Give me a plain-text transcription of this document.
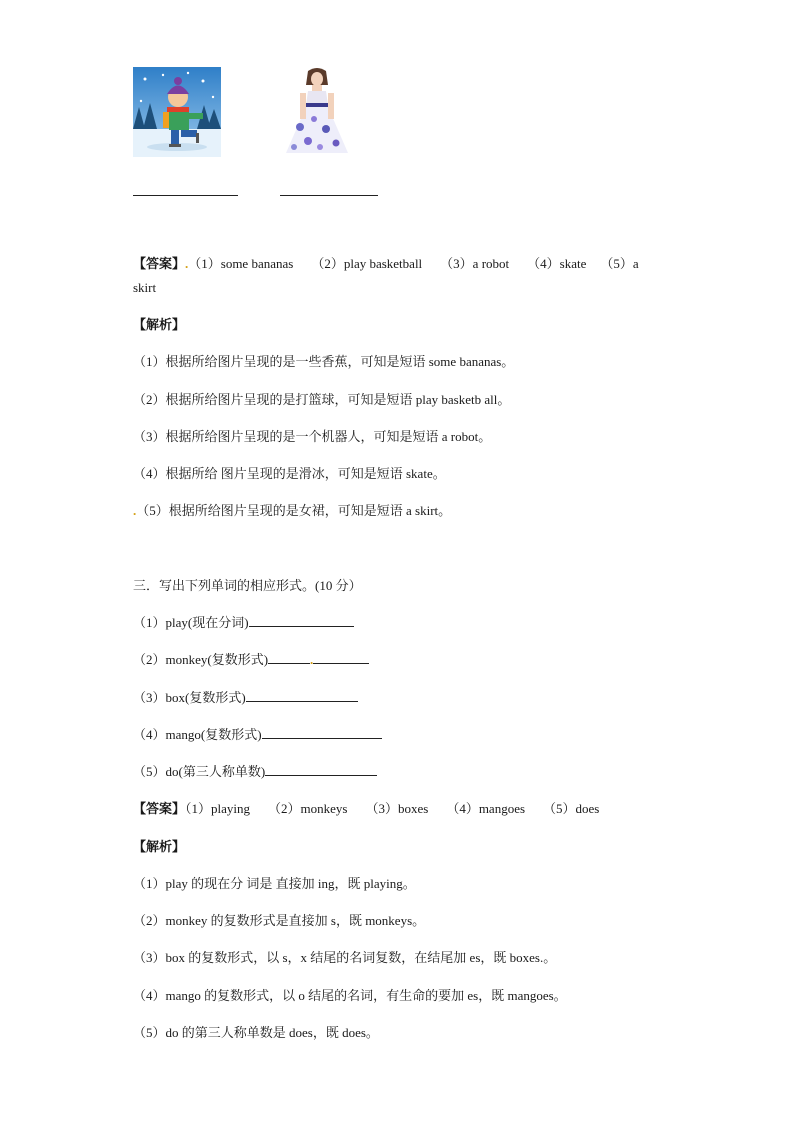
【答案】.（1）some bananas （2）play basketball （3）a robot （4）skate （5）a
skirt
【解析】
（1）根据所给图片呈现的是一些香蕉，可知是短语 some bananas。
（2）根据所给图片呈现的是打篮球，可知是短语 play basketb all。
（3）根据所给图片呈现的是一个机器人，可知是短语 a robot。
（4）根据所给 图片呈现的是滑冰，可知是短语 skate。
.（5）根据所给图片呈现的是女裙，可知是短语 a skirt。
三．写出下列单词的相应形式。(10 分）
（1）play(现在分词)
（2）monkey(复数形式)	.
（3）box(复数形式)
（4）mango(复数形式)
（5）do(第三人称单数)
【答案】（1）playing （2）monkeys （3）boxes （4）mangoes （5）does
【解析】
（1）play 的现在分 词是 直接加 ing，既 playing。
（2）monkey 的复数形式是直接加 s，既 monkeys。
（3）box 的复数形式，以 s，x 结尾的名词复数，在结尾加 es，既 boxes.。
（4）mango 的复数形式，以 o 结尾的名词，有生命的要加 es，既 mangoes。
（5）do 的第三人称单数是 does，既 does。
